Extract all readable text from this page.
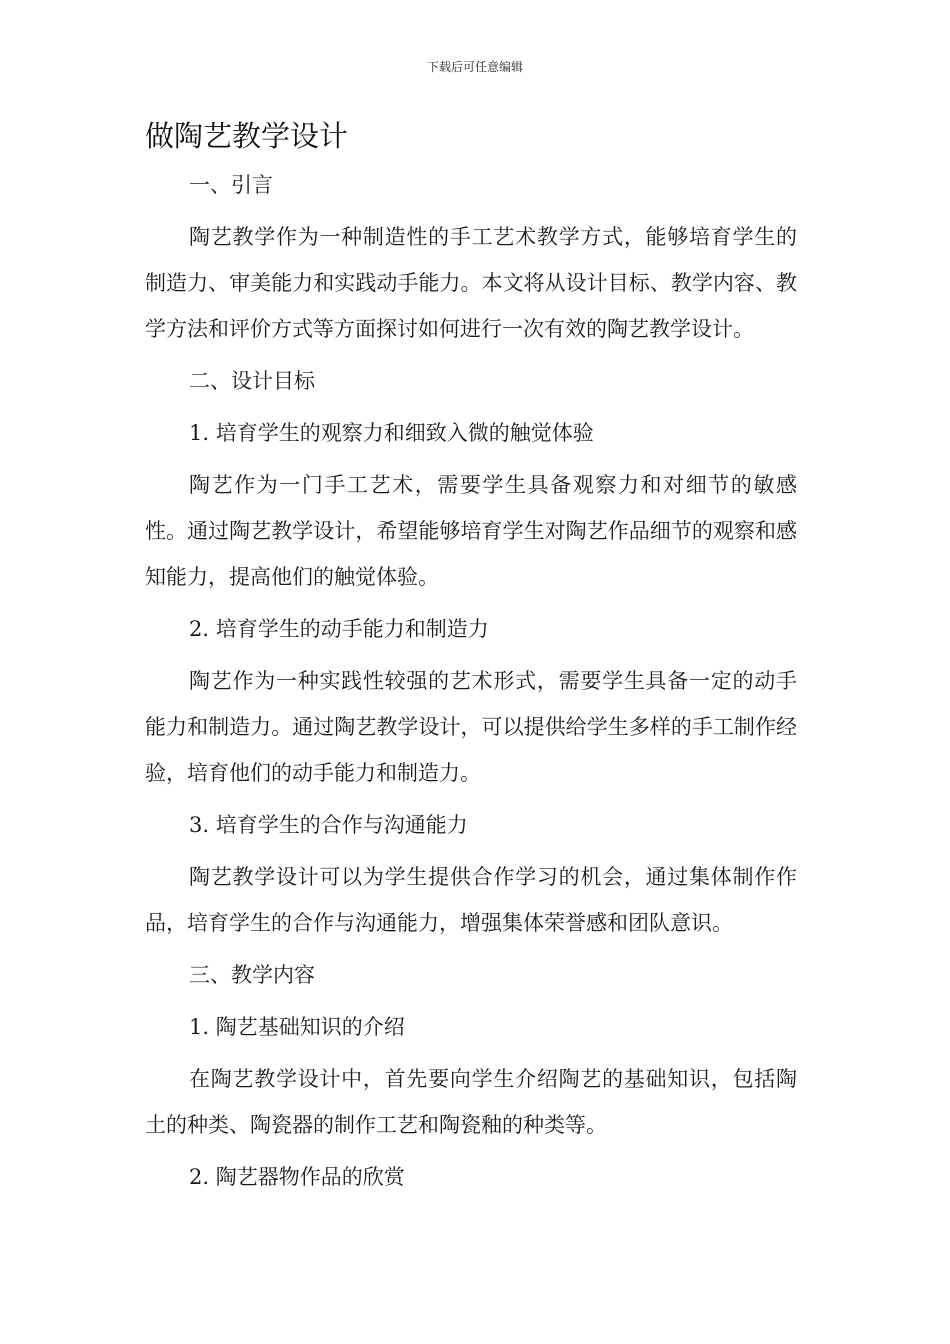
下载后可任意编辑
做陶艺教学设计

一、引言

陶艺教学作为一种制造性的手工艺术教学方式，能够培育学生的制造力、审美能力和实践动手能力。本文将从设计目标、教学内容、教学方法和评价方式等方面探讨如何进行一次有效的陶艺教学设计。

二、设计目标

1. 培育学生的观察力和细致入微的触觉体验

陶艺作为一门手工艺术，需要学生具备观察力和对细节的敏感性。通过陶艺教学设计，希望能够培育学生对陶艺作品细节的观察和感知能力，提高他们的触觉体验。

2. 培育学生的动手能力和制造力

陶艺作为一种实践性较强的艺术形式，需要学生具备一定的动手能力和制造力。通过陶艺教学设计，可以提供给学生多样的手工制作经验，培育他们的动手能力和制造力。

3. 培育学生的合作与沟通能力

陶艺教学设计可以为学生提供合作学习的机会，通过集体制作作品，培育学生的合作与沟通能力，增强集体荣誉感和团队意识。

三、教学内容

1. 陶艺基础知识的介绍

在陶艺教学设计中，首先要向学生介绍陶艺的基础知识，包括陶土的种类、陶瓷器的制作工艺和陶瓷釉的种类等。

2. 陶艺器物作品的欣赏
